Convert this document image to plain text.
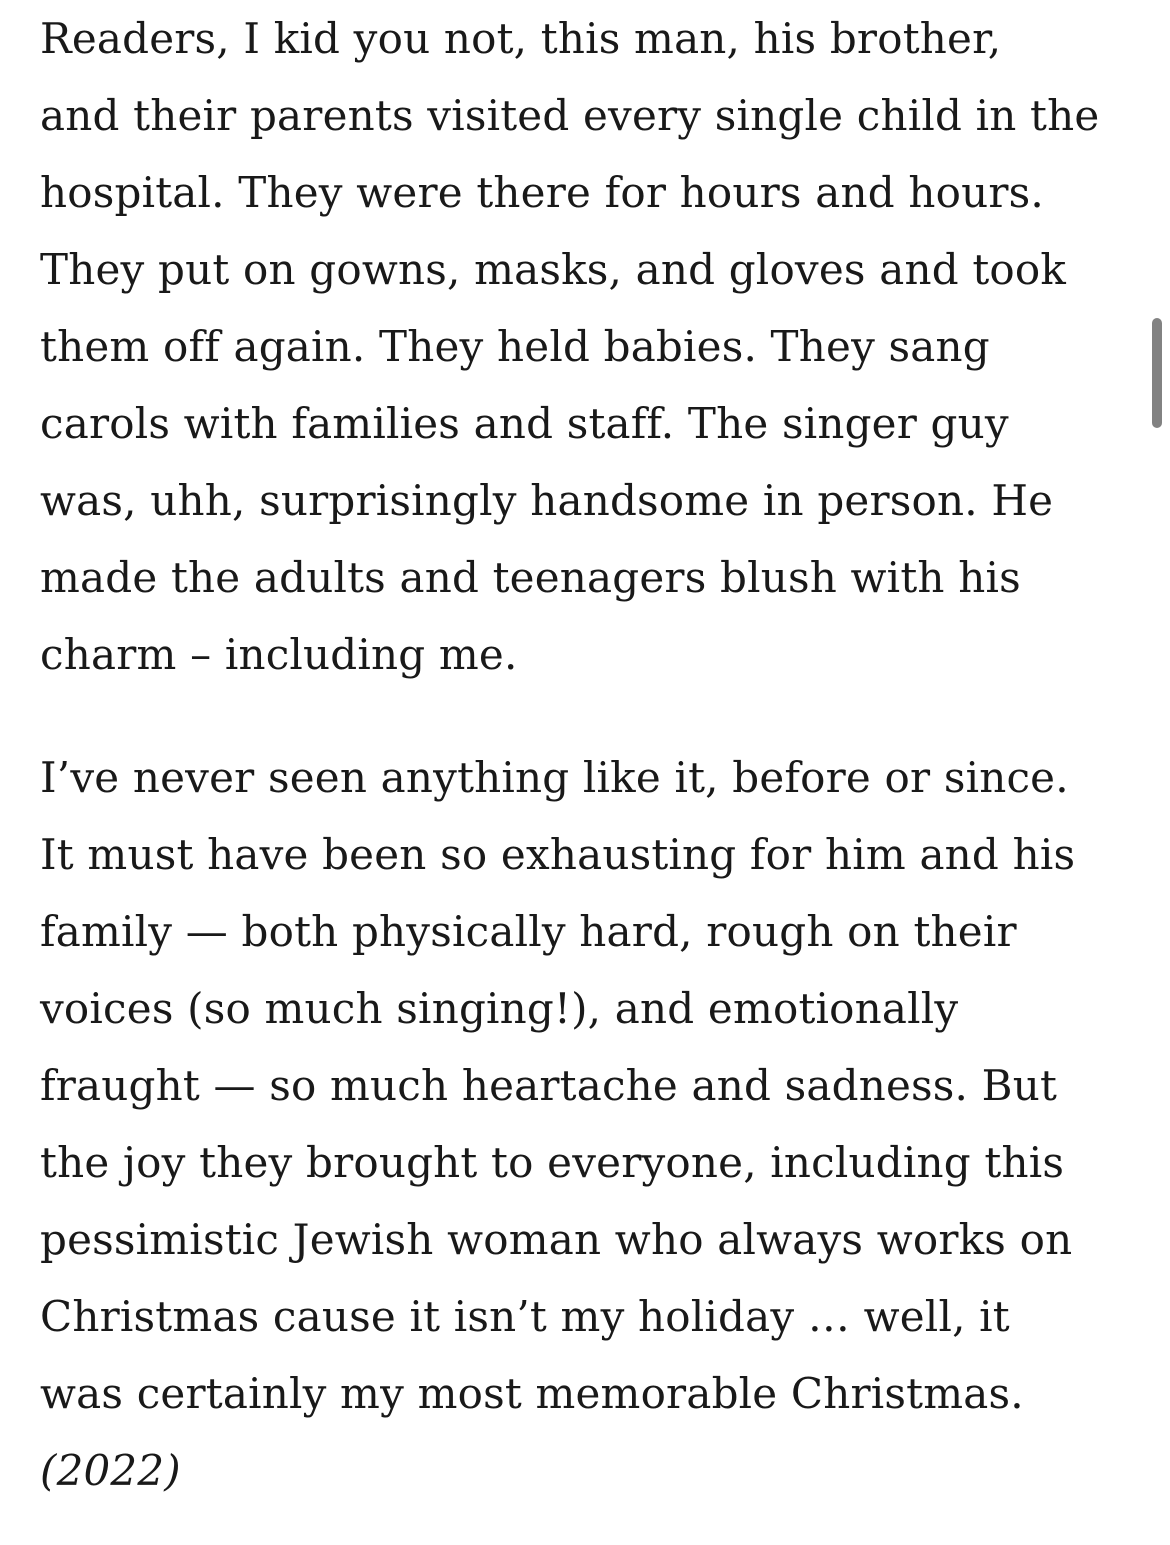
Readers, I kid you not, this man, his brother,
and their parents visited every single child in the
hospital. They were there for hours and hours.
They put on gowns, masks, and gloves and took
them off again. They held babies. They sang
carols with families and staff. The singer guy
was, uhh, surprisingly handsome in person. He
made the adults and teenagers blush with his
charm – including me.
I’ve never seen anything like it, before or since.
It must have been so exhausting for him and his
family — both physically hard, rough on their
voices (so much singing!), and emotionally
fraught — so much heartache and sadness. But
the joy they brought to everyone, including this
pessimistic Jewish woman who always works on
Christmas cause it isn’t my holiday … well, it
was certainly my most memorable Christmas.
(2022)
